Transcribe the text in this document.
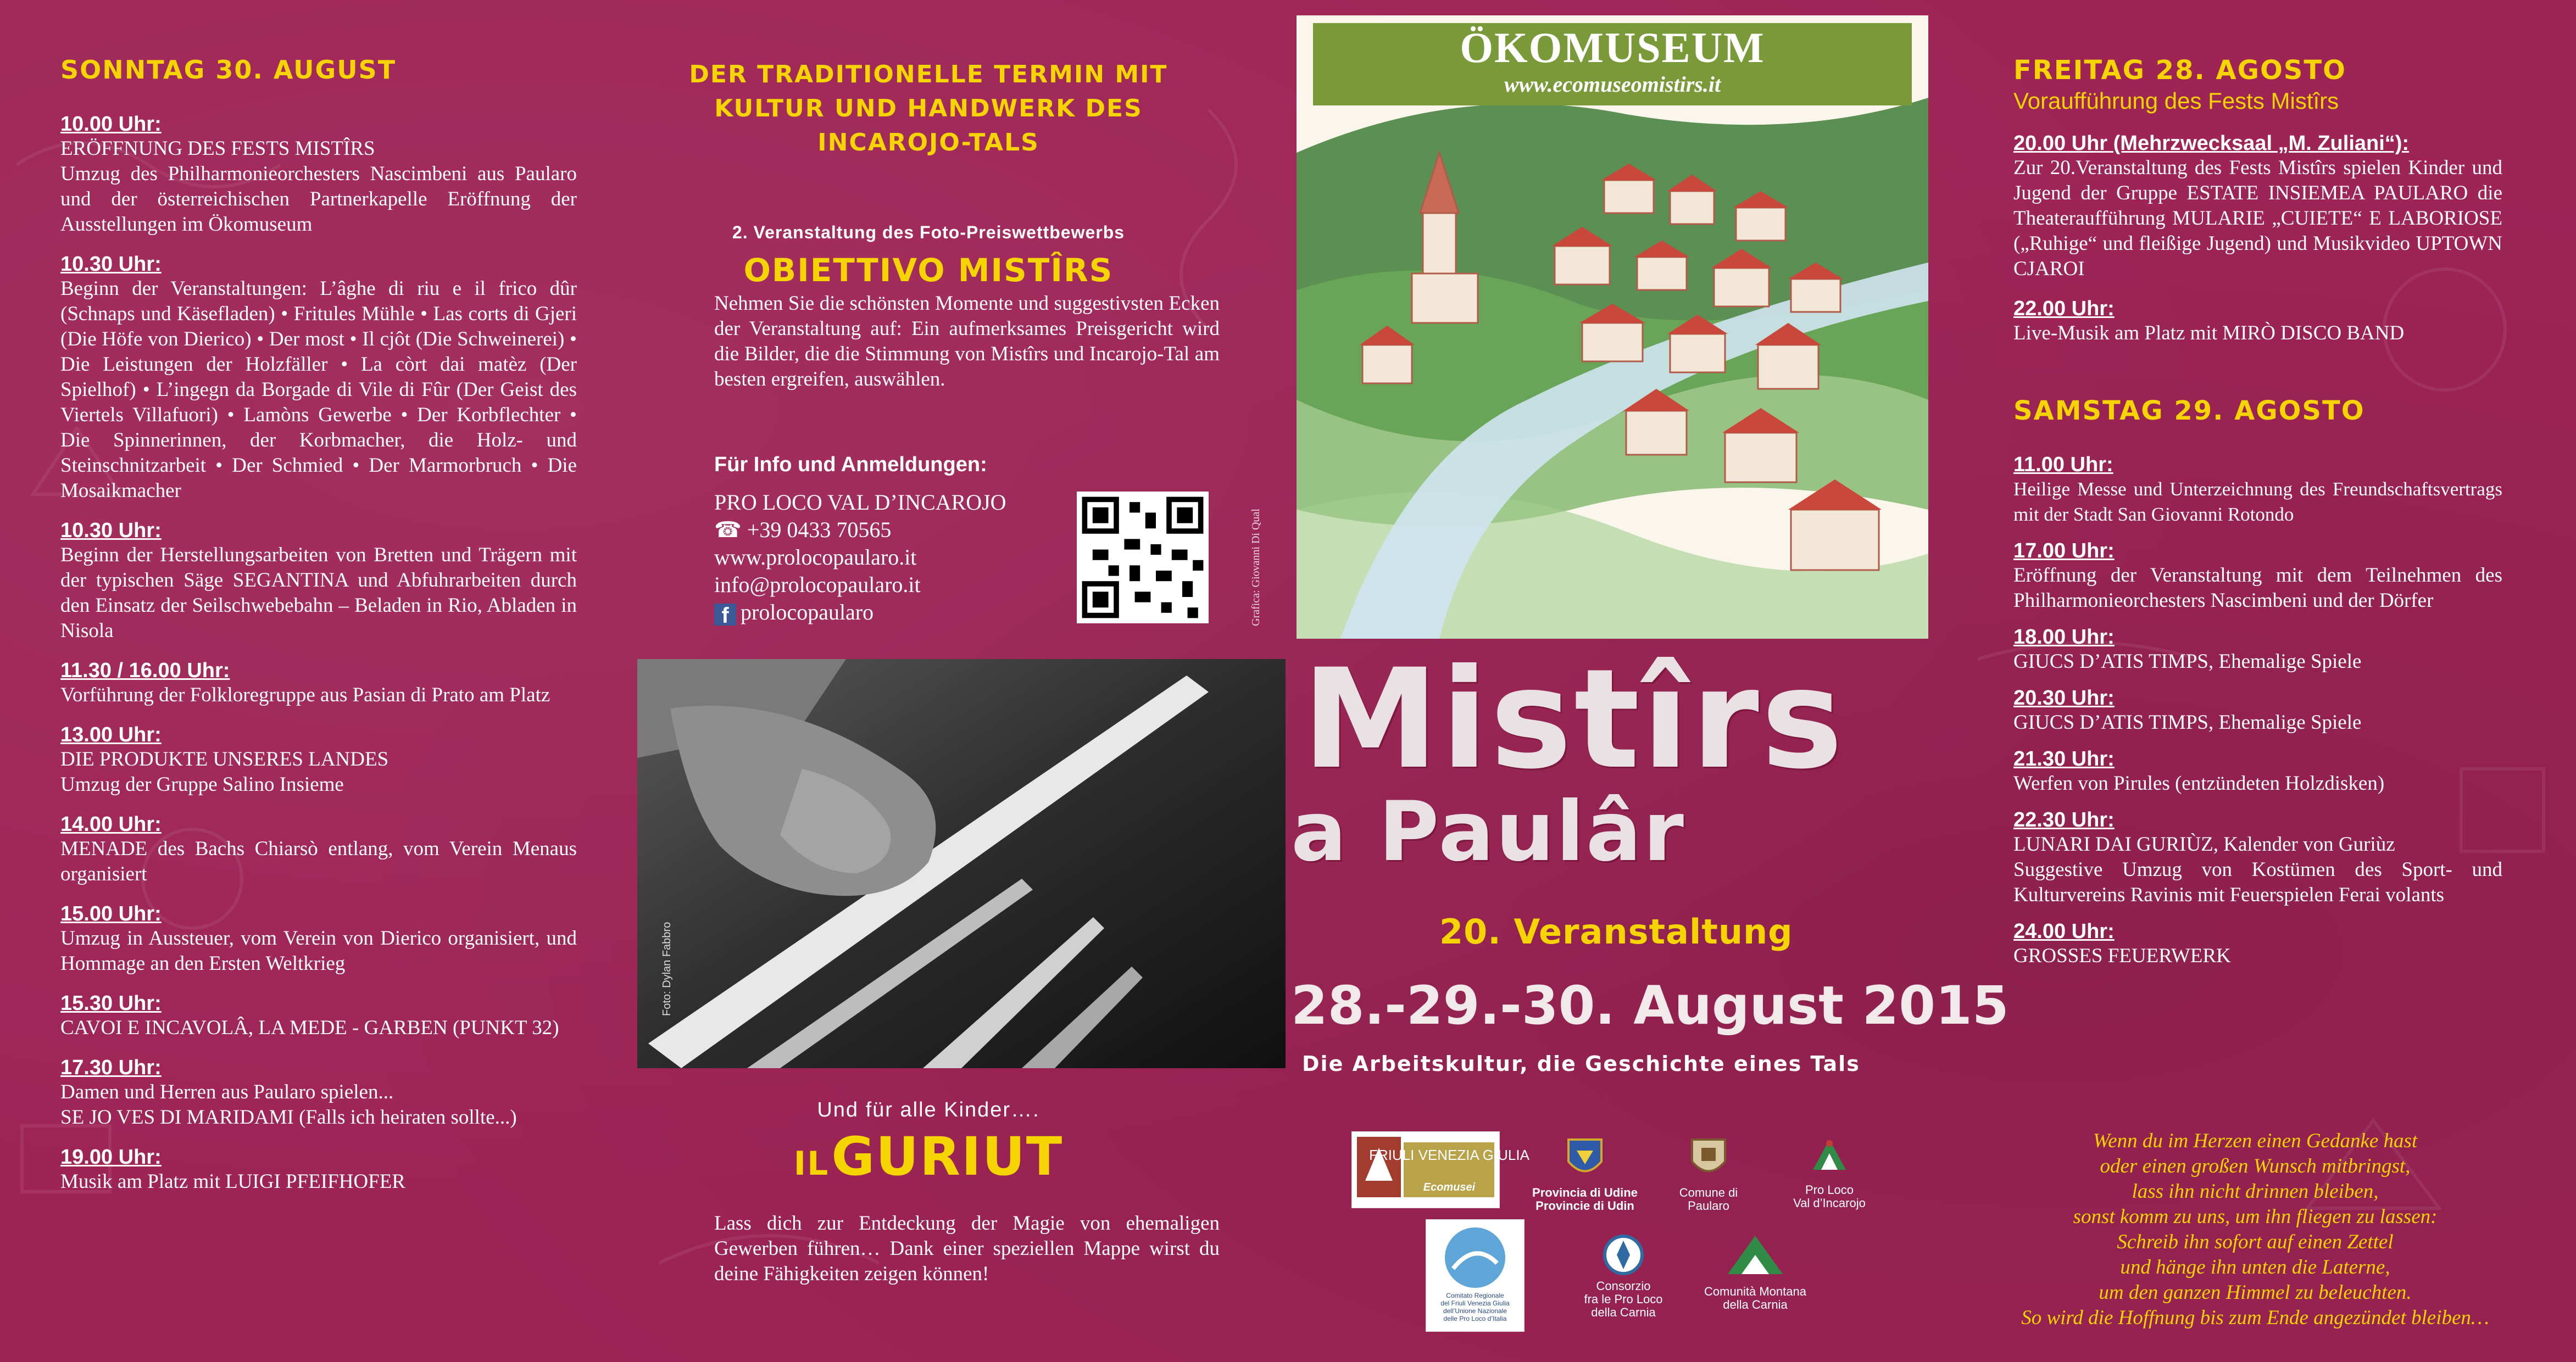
SONNTAG 30. AUGUST

10.00 Uhr:

ERÖFFNUNG DES FESTS MISTÎRS
Umzug des Philharmonieorchesters Nascimbeni aus Paularo und der österreichischen Partnerkapelle Eröffnung der Ausstellungen im Ökomuseum

10.30 Uhr:

Beginn der Veranstaltungen: L’âghe di riu e il frico dûr (Schnaps und Käsefladen) • Fritules Mühle • Las corts di Gjeri (Die Höfe von Dierico) • Der most • Il cjôt (Die Schweinerei) • Die Leistungen der Holzfäller • La còrt dai matèz (Der Spielhof) • L’ingegn da Borgade di Vile di Fûr (Der Geist des Viertels Villafuori) • Lamòns Gewerbe • Der Korbflechter • Die Spinnerinnen, der Korbmacher, die Holz- und Steinschnitzarbeit • Der Schmied • Der Marmorbruch • Die Mosaikmacher

10.30 Uhr:

Beginn der Herstellungsarbeiten von Bretten und Trägern mit der typischen Säge SEGANTINA und Abfuhrarbeiten durch den Einsatz der Seilschwebebahn – Beladen in Rio, Abladen in Nisola

11.30 / 16.00 Uhr:

Vorführung der Folkloregruppe aus Pasian di Prato am Platz

13.00 Uhr:

DIE PRODUKTE UNSERES LANDES
Umzug der Gruppe Salino Insieme

14.00 Uhr:

MENADE des Bachs Chiarsò entlang, vom Verein Menaus organisiert

15.00 Uhr:

Umzug in Aussteuer, vom Verein von Dierico organisiert, und Hommage an den Ersten Weltkrieg

15.30 Uhr:

CAVOI E INCAVOLÂ, LA MEDE - GARBEN (PUNKT 32)

17.30 Uhr:

Damen und Herren aus Paularo spielen...
SE JO VES DI MARIDAMI (Falls ich heiraten sollte...)

19.00 Uhr:

Musik am Platz mit LUIGI PFEIFHOFER

DER TRADITIONELLE TERMIN MIT KULTUR UND HANDWERK DES INCAROJO-TALS
2. Veranstaltung des Foto-Preiswettbewerbs
OBIETTIVO MISTÎRS

Nehmen Sie die schönsten Momente und suggestivsten Ecken der Veranstaltung auf: Ein aufmerksames Preisgericht wird die Bilder, die die Stimmung von Mistîrs und Incarojo-Tal am besten ergreifen, auswählen.

Für Info und Anmeldungen:
PRO LOCO VAL D’INCAROJO
☎ +39 0433 70565
www.prolocopaularo.it
info@prolocopaularo.it
f prolocopaularo	Grafica: Giovanni Di Qual
Foto: Dylan Fabbro
Und für alle Kinder….
IL GURIUT

Lass dich zur Entdeckung der Magie von ehemaligen Gewerben führen… Dank einer speziellen Mappe wirst du deine Fähigkeiten zeigen können!

ÖKOMUSEUM
www.ecomuseomistirs.it
Mistîrs
a Paulâr
20. Veranstaltung
28.-29.-30. August 2015
Die Arbeitskultur, die Geschichte eines Tals
FRIULI VENEZIA GIULIA
Ecomusei	Provincia di Udine
Provincie di Udin
Comune di
Paularo
Pro Loco
Val d’Incarojo
Comitato Regionale
del Friuli Venezia Giulia
dell’Unione Nazionale
delle Pro Loco d’Italia
Consorzio
fra le Pro Loco
della Carnia
Comunità Montana
della Carnia
FREITAG 28. AGOSTO
Voraufführung des Fests Mistîrs

20.00 Uhr (Mehrzwecksaal „M. Zuliani“):

Zur 20.Veranstaltung des Fests Mistîrs spielen Kinder und Jugend der Gruppe ESTATE INSIEMEA PAULARO die Theateraufführung MULARIE „CUIETE“ E LABORIOSE („Ruhige“ und fleißige Jugend) und Musikvideo UPTOWN CJAROI

22.00 Uhr:

Live-Musik am Platz mit MIRÒ DISCO BAND

SAMSTAG 29. AGOSTO

11.00 Uhr:

Heilige Messe und Unterzeichnung des Freundschaftsvertrags mit der Stadt San Giovanni Rotondo

17.00 Uhr:

Eröffnung der Veranstaltung mit dem Teilnehmen des Philharmonieorchesters Nascimbeni und der Dörfer

18.00 Uhr:

GIUCS D’ATIS TIMPS, Ehemalige Spiele

20.30 Uhr:

GIUCS D’ATIS TIMPS, Ehemalige Spiele

21.30 Uhr:

Werfen von Pirules (entzündeten Holzdisken)

22.30 Uhr:

LUNARI DAI GURIÙZ, Kalender von Guriùz
Suggestive Umzug von Kostümen des Sport- und Kulturvereins Ravinis mit Feuerspielen Ferai volants

24.00 Uhr:

GROSSES FEUERWERK

Wenn du im Herzen einen Gedanke hast
oder einen großen Wunsch mitbringst,
lass ihn nicht drinnen bleiben,
sonst komm zu uns, um ihn fliegen zu lassen:
Schreib ihn sofort auf einen Zettel
und hänge ihn unten die Laterne,
um den ganzen Himmel zu beleuchten.
So wird die Hoffnung bis zum Ende angezündet bleiben…
